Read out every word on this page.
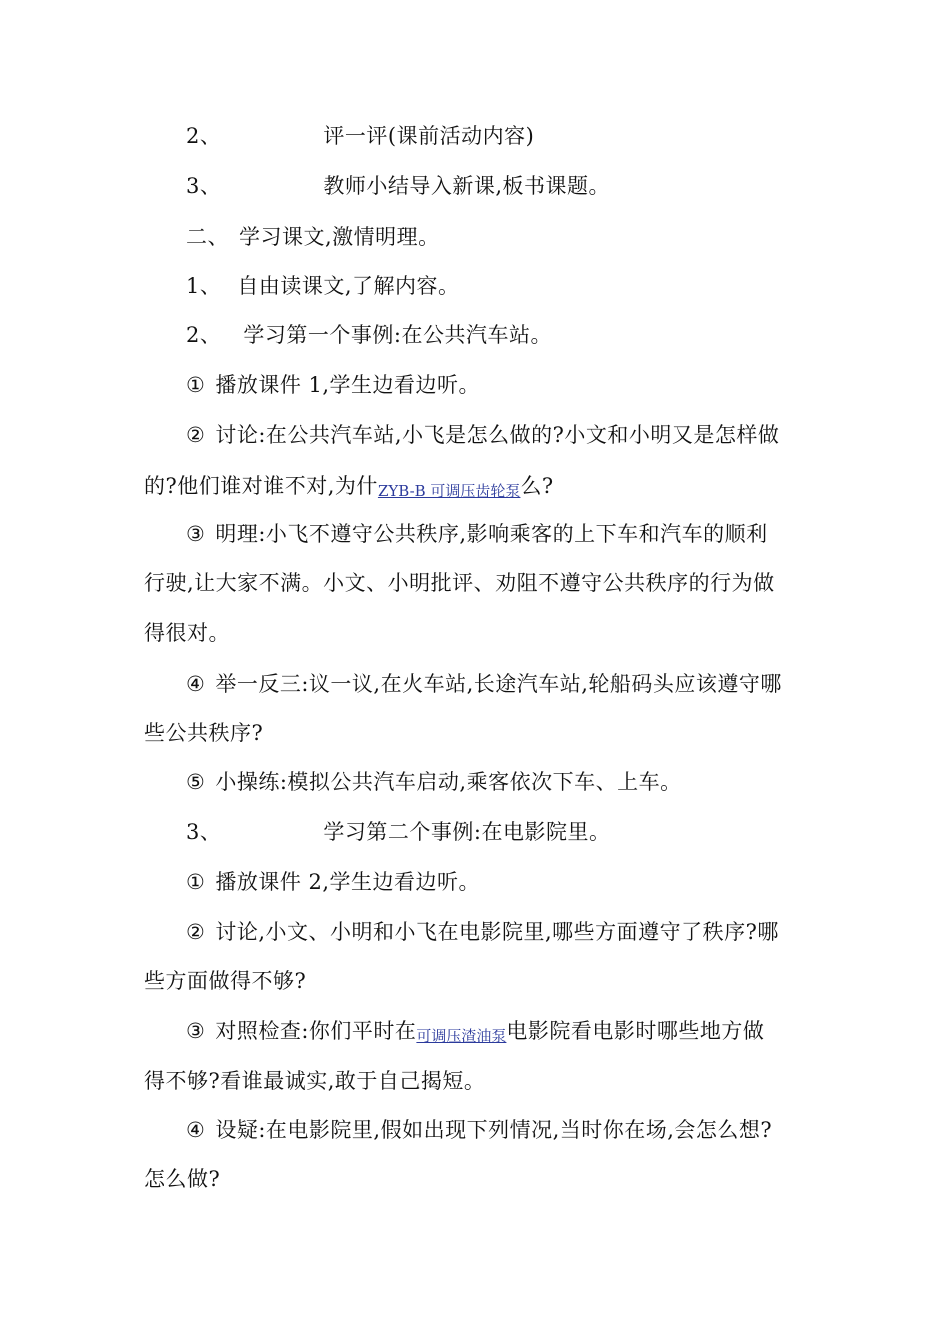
2、	评一评(课前活动内容)
3、	教师小结导入新课,板书课题。
二、 学习课文,激情明理。
1、 自由读课文,了解内容。
2、 学习第一个事例:在公共汽车站。
① 播放课件 1,学生边看边听。
② 讨论:在公共汽车站,小飞是怎么做的?小文和小明又是怎样做
的?他们谁对谁不对,为什ZYB-B 可调压齿轮泵么?
③ 明理:小飞不遵守公共秩序,影响乘客的上下车和汽车的顺利
行驶,让大家不满。小文、小明批评、劝阻不遵守公共秩序的行为做
得很对。
④ 举一反三:议一议,在火车站,长途汽车站,轮船码头应该遵守哪
些公共秩序?
⑤ 小操练:模拟公共汽车启动,乘客依次下车、上车。
3、	学习第二个事例:在电影院里。
① 播放课件 2,学生边看边听。
② 讨论,小文、小明和小飞在电影院里,哪些方面遵守了秩序?哪
些方面做得不够?
③ 对照检查:你们平时在可调压渣油泵电影院看电影时哪些地方做
得不够?看谁最诚实,敢于自己揭短。
④ 设疑:在电影院里,假如出现下列情况,当时你在场,会怎么想?
怎么做?
